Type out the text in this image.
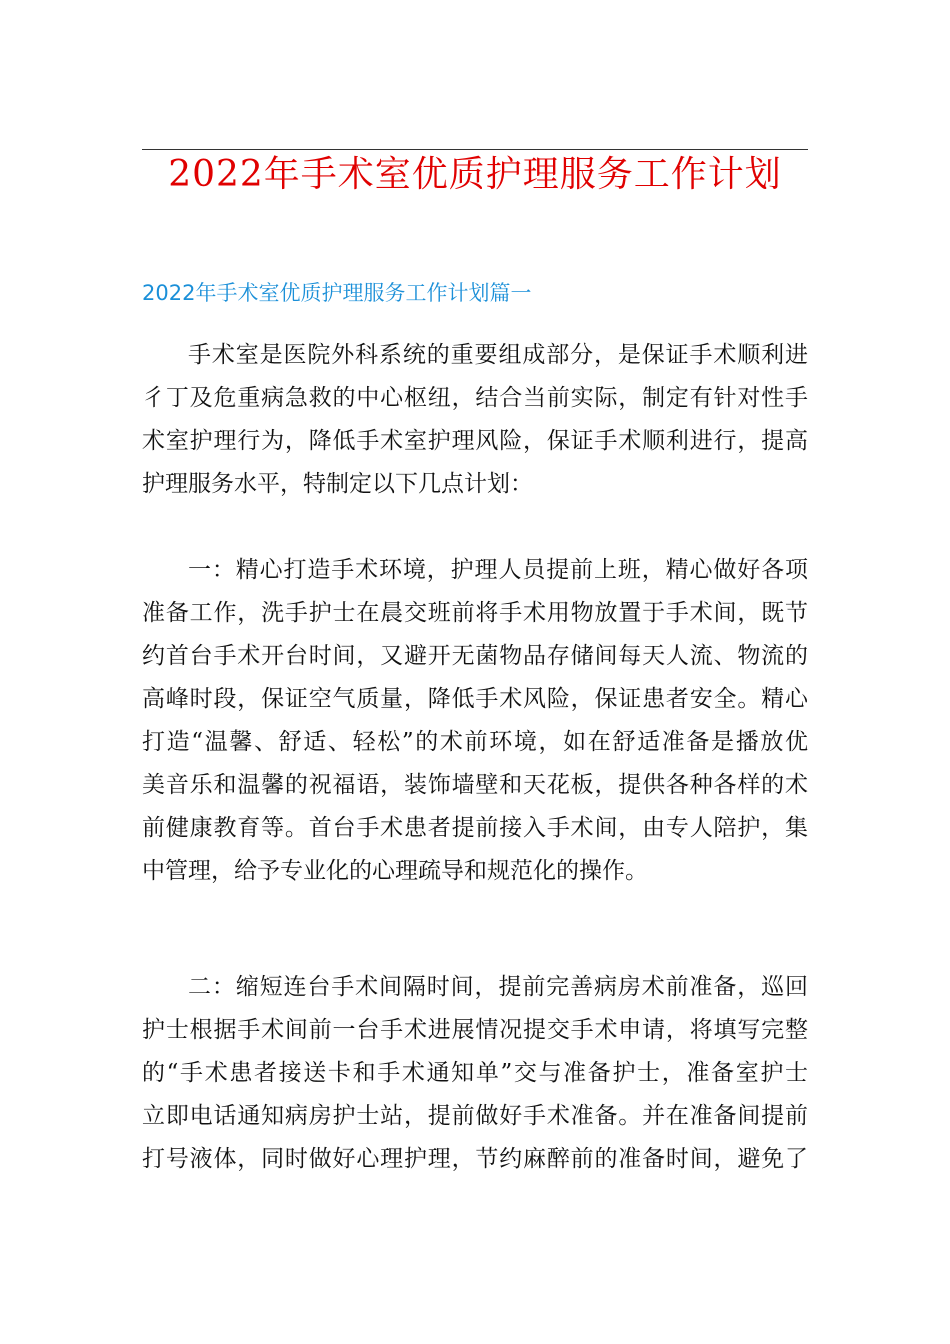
2022年手术室优质护理服务工作计划
2022年手术室优质护理服务工作计划篇一
手术室是医院外科系统的重要组成部分，是保证手术顺利进
彳丁及危重病急救的中心枢纽，结合当前实际，制定有针对性手
术室护理行为，降低手术室护理风险，保证手术顺利进行，提高
护理服务水平，特制定以下几点计划：
一：精心打造手术环境，护理人员提前上班，精心做好各项
准备工作，洗手护士在晨交班前将手术用物放置于手术间，既节
约首台手术开台时间，又避开无菌物品存储间每天人流、物流的
高峰时段，保证空气质量，降低手术风险，保证患者安全。精心
打造“温馨、舒适、轻松”的术前环境，如在舒适准备是播放优
美音乐和温馨的祝福语，装饰墙壁和天花板，提供各种各样的术
前健康教育等。首台手术患者提前接入手术间，由专人陪护，集
中管理，给予专业化的心理疏导和规范化的操作。
二：缩短连台手术间隔时间，提前完善病房术前准备，巡回
护士根据手术间前一台手术进展情况提交手术申请，将填写完整
的“手术患者接送卡和手术通知单”交与准备护士，准备室护士
立即电话通知病房护士站，提前做好手术准备。并在准备间提前
打号液体，同时做好心理护理，节约麻醉前的准备时间，避免了
